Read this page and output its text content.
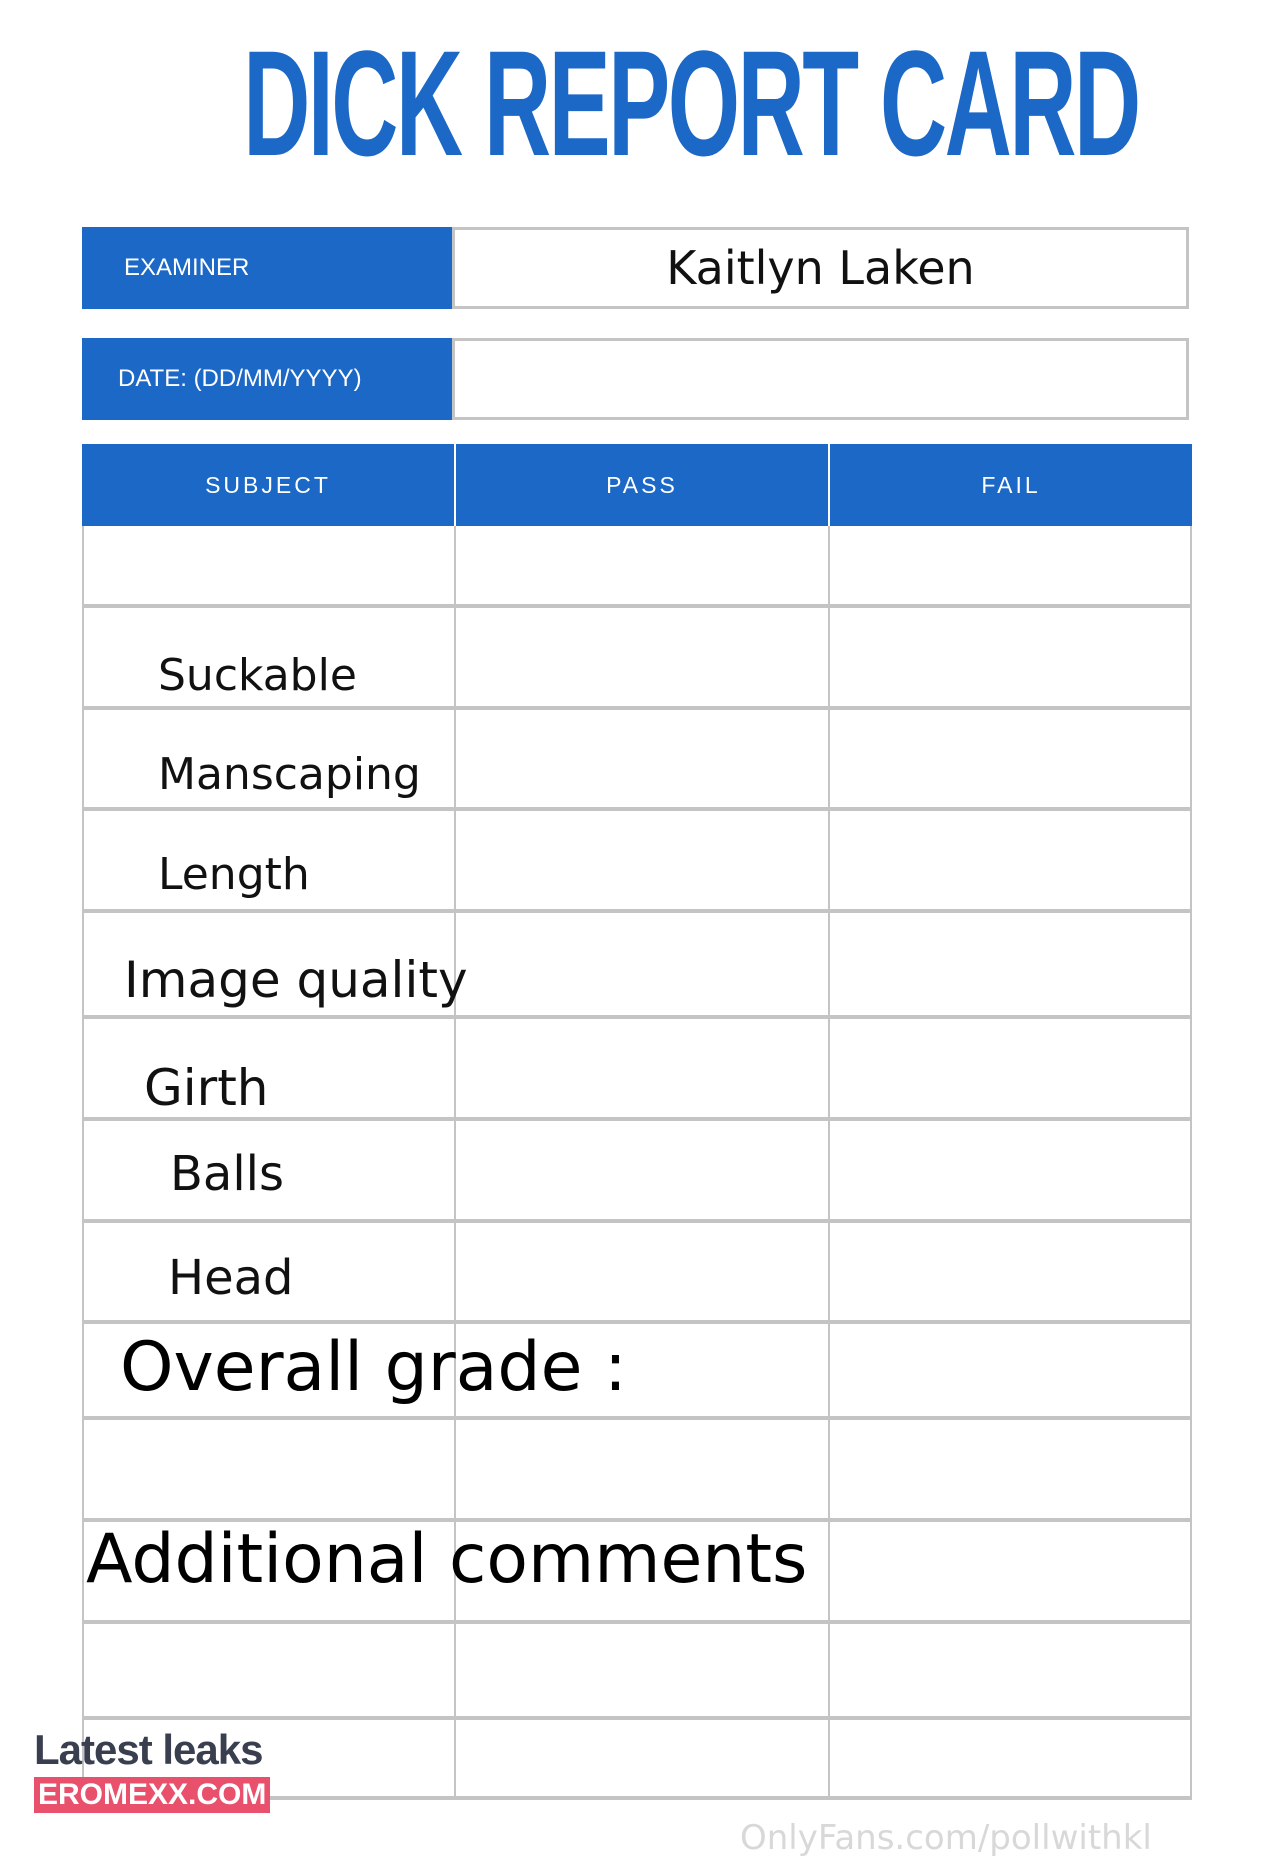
DICK REPORT CARD
EXAMINER	Kaitlyn Laken
DATE: (DD/MM/YYYY)
SUBJECT	PASS	FAIL
Suckable
Manscaping
Length
Image quality
Girth
Balls
Head
Overall grade :
Additional comments
Latest leaks
EROMEXX.COM
OnlyFans.com/pollwithkl
